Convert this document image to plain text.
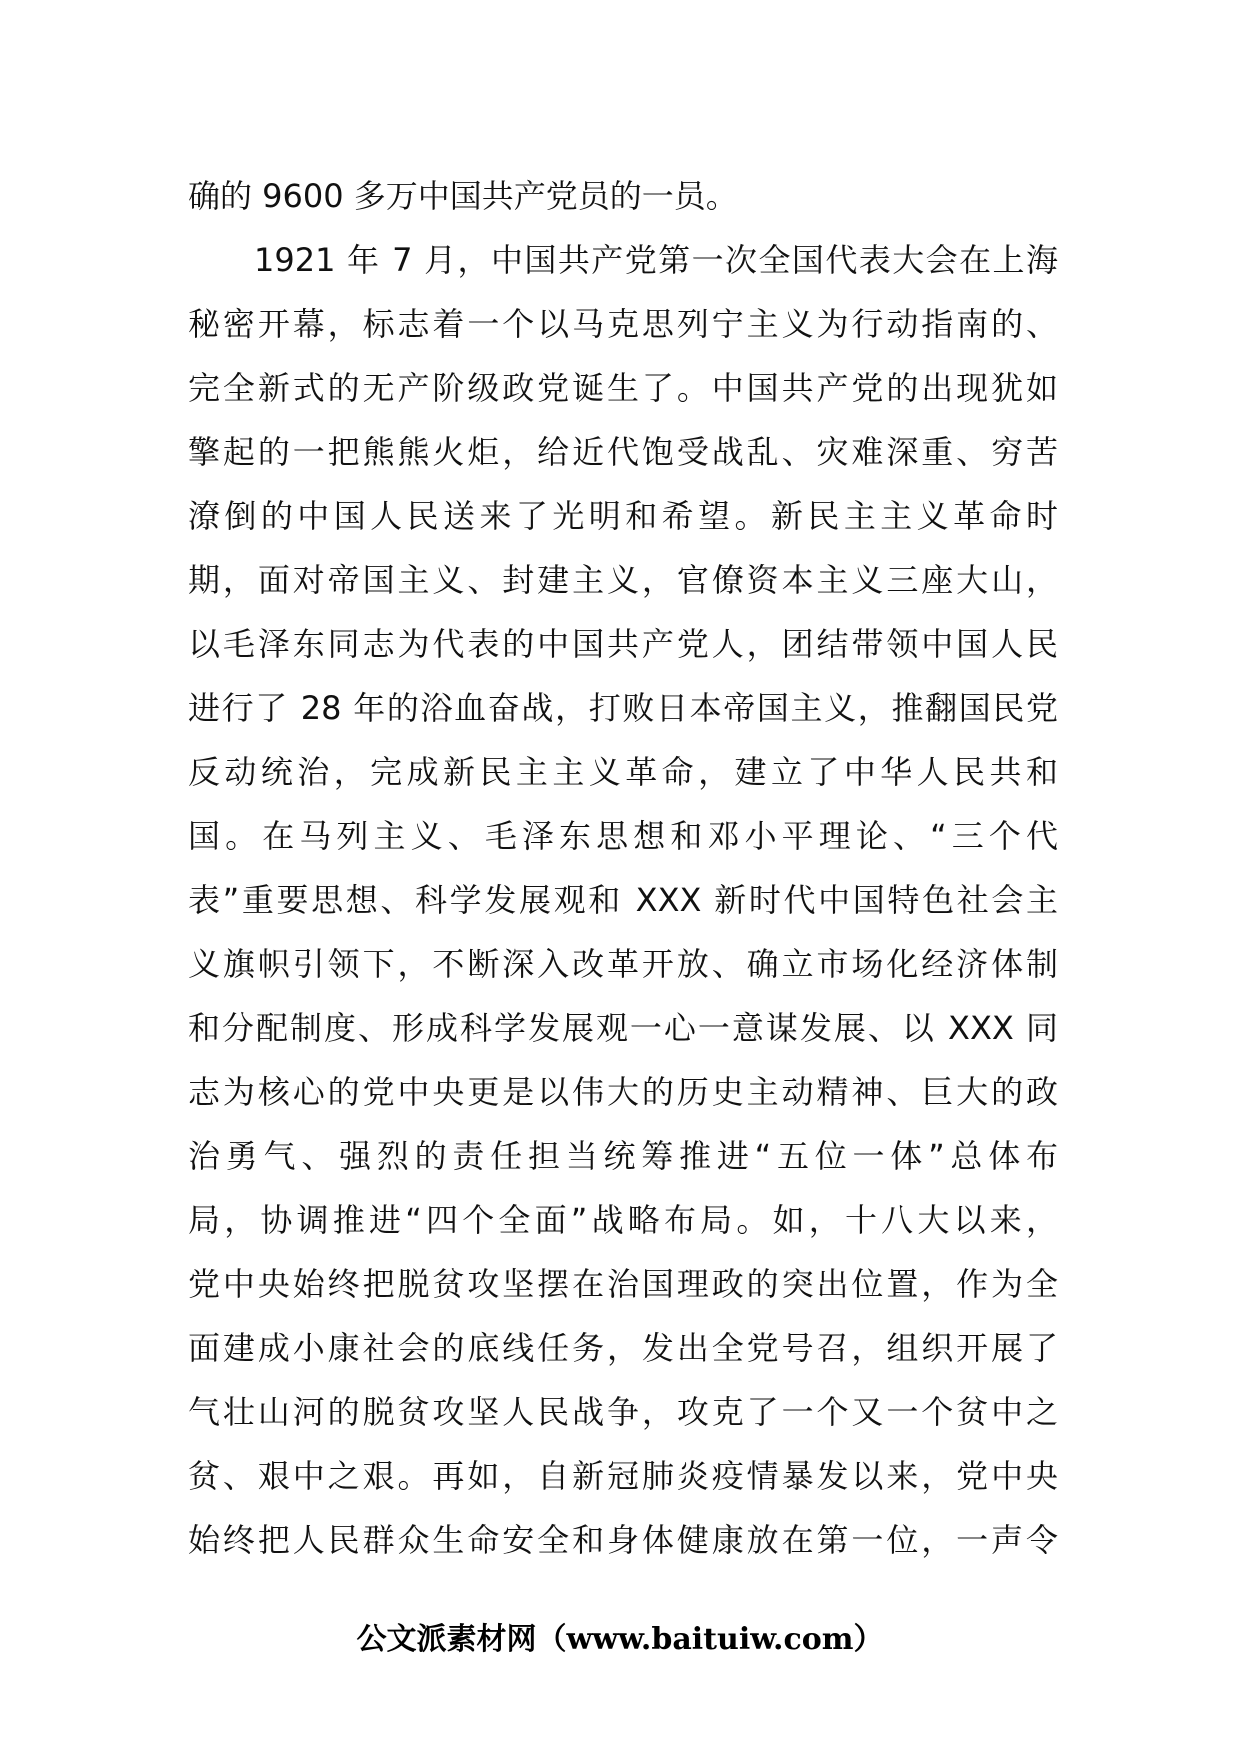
确的 9600 多万中国共产党员的一员。
1921 年 7 月，中国共产党第一次全国代表大会在上海
秘密开幕，标志着一个以马克思列宁主义为行动指南的、
完全新式的无产阶级政党诞生了。中国共产党的出现犹如
擎起的一把熊熊火炬，给近代饱受战乱、灾难深重、穷苦
潦倒的中国人民送来了光明和希望。新民主主义革命时
期，面对帝国主义、封建主义，官僚资本主义三座大山，
以毛泽东同志为代表的中国共产党人，团结带领中国人民
进行了 28 年的浴血奋战，打败日本帝国主义，推翻国民党
反动统治，完成新民主主义革命，建立了中华人民共和
国。在马列主义、毛泽东思想和邓小平理论、“三个代
表”重要思想、科学发展观和 XXX 新时代中国特色社会主
义旗帜引领下，不断深入改革开放、确立市场化经济体制
和分配制度、形成科学发展观一心一意谋发展、以 XXX 同
志为核心的党中央更是以伟大的历史主动精神、巨大的政
治勇气、强烈的责任担当统筹推进“五位一体”总体布
局，协调推进“四个全面”战略布局。如，十八大以来，
党中央始终把脱贫攻坚摆在治国理政的突出位置，作为全
面建成小康社会的底线任务，发出全党号召，组织开展了
气壮山河的脱贫攻坚人民战争，攻克了一个又一个贫中之
贫、艰中之艰。再如，自新冠肺炎疫情暴发以来，党中央
始终把人民群众生命安全和身体健康放在第一位，一声令
公文派素材网（www.baituiw.com）
